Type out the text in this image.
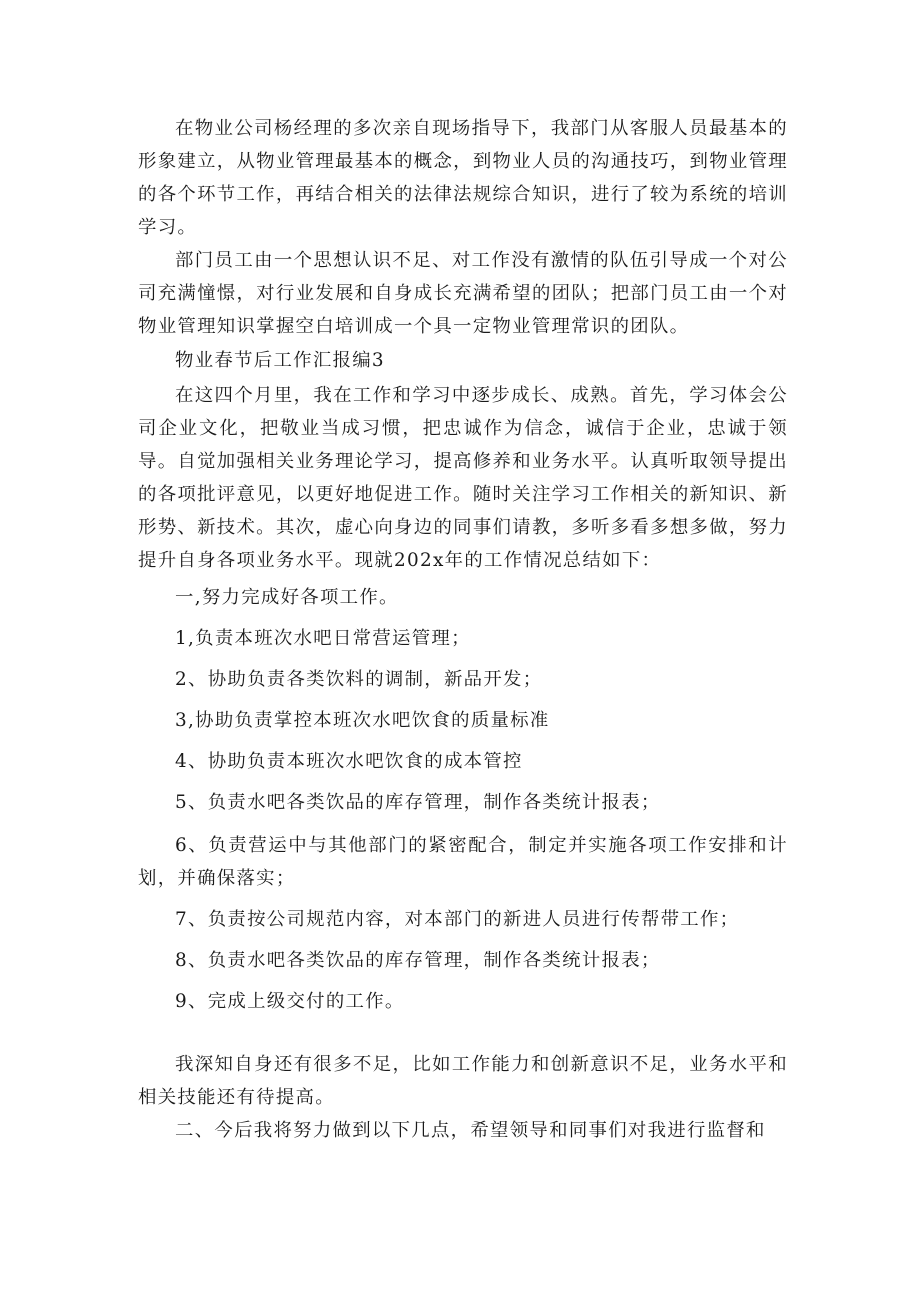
在物业公司杨经理的多次亲自现场指导下，我部门从客服人员最基本的形象建立，从物业管理最基本的概念，到物业人员的沟通技巧，到物业管理的各个环节工作，再结合相关的法律法规综合知识，进行了较为系统的培训学习。

部门员工由一个思想认识不足、对工作没有激情的队伍引导成一个对公司充满憧憬，对行业发展和自身成长充满希望的团队；把部门员工由一个对物业管理知识掌握空白培训成一个具一定物业管理常识的团队。

物业春节后工作汇报编3

在这四个月里，我在工作和学习中逐步成长、成熟。首先，学习体会公司企业文化，把敬业当成习惯，把忠诚作为信念，诚信于企业，忠诚于领导。自觉加强相关业务理论学习，提高修养和业务水平。认真听取领导提出的各项批评意见，以更好地促进工作。随时关注学习工作相关的新知识、新形势、新技术。其次，虚心向身边的同事们请教，多听多看多想多做，努力提升自身各项业务水平。现就202x年的工作情况总结如下：

一,努力完成好各项工作。

1,负责本班次水吧日常营运管理；

2、协助负责各类饮料的调制，新品开发；

3,协助负责掌控本班次水吧饮食的质量标准

4、协助负责本班次水吧饮食的成本管控

5、负责水吧各类饮品的库存管理，制作各类统计报表；

6、负责营运中与其他部门的紧密配合，制定并实施各项工作安排和计划，并确保落实；

7、负责按公司规范内容，对本部门的新进人员进行传帮带工作；

8、负责水吧各类饮品的库存管理，制作各类统计报表；

9、完成上级交付的工作。

我深知自身还有很多不足，比如工作能力和创新意识不足，业务水平和相关技能还有待提高。

二、今后我将努力做到以下几点，希望领导和同事们对我进行监督和
